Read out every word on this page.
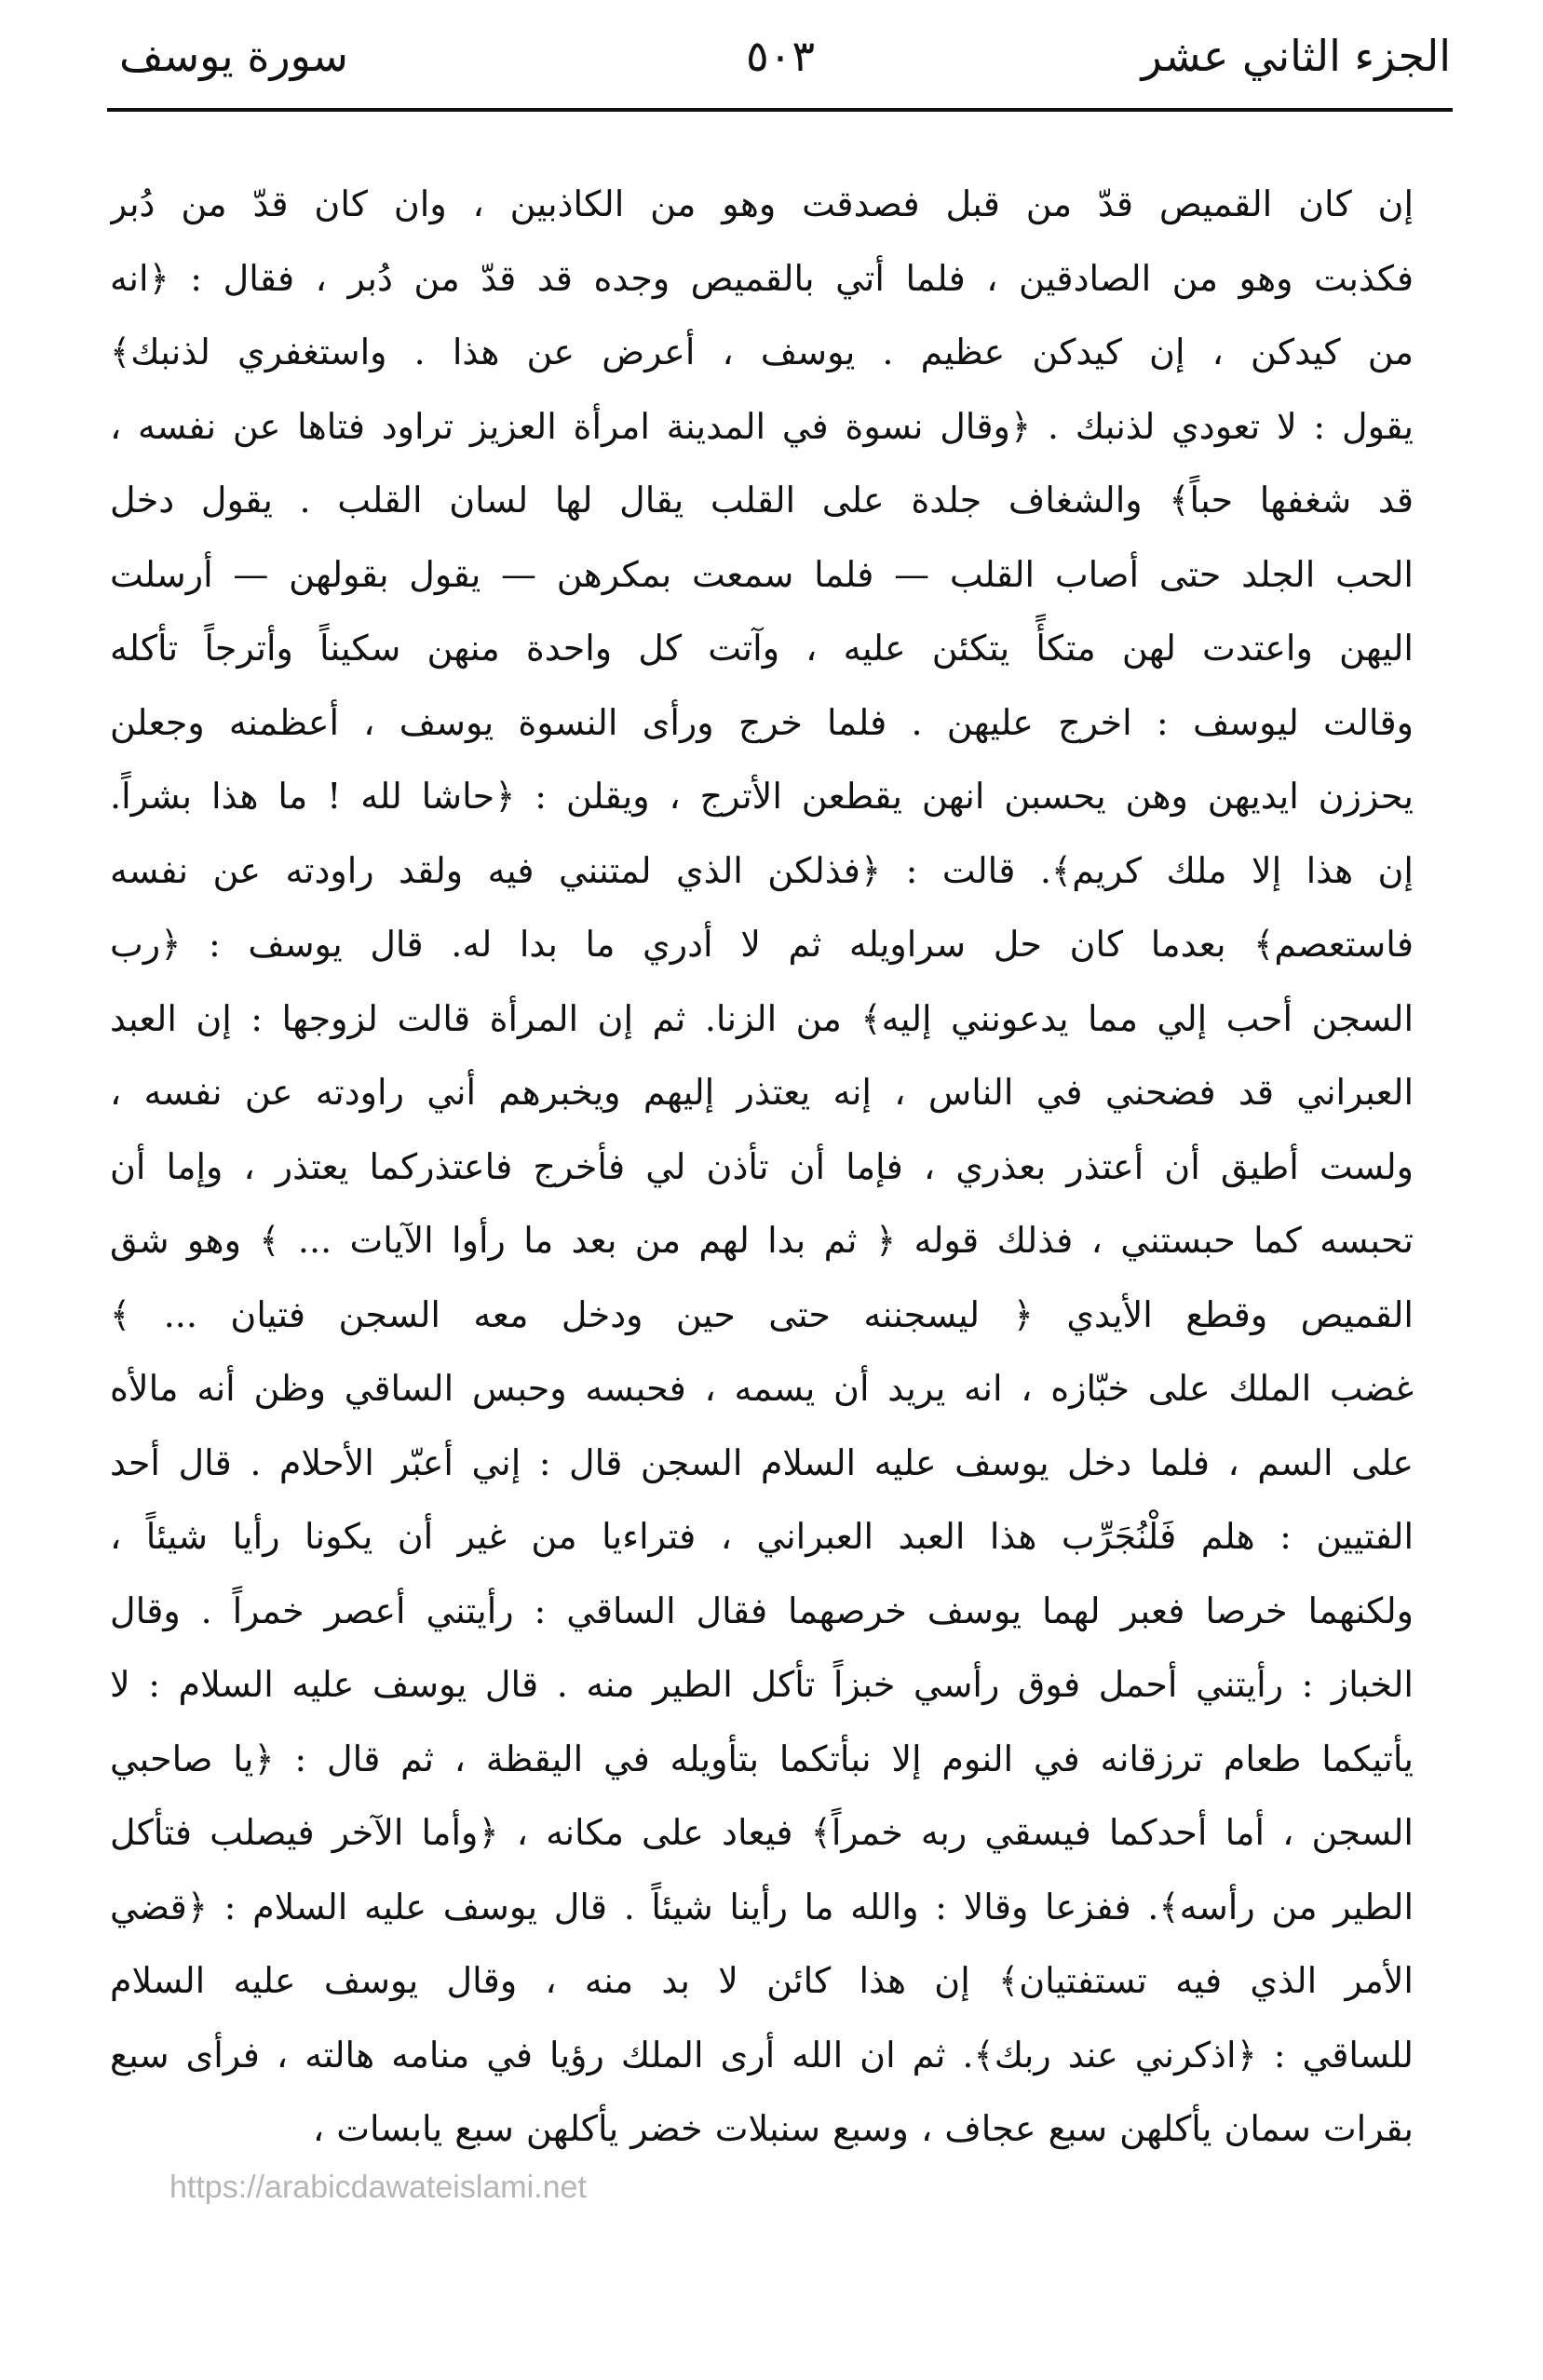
الجزء الثاني عشر
٥٠٣
سورة يوسف
إن كان القميص قدّ من قبل فصدقت وهو من الكاذبين ، وان كان قدّ من دُبر
فكذبت وهو من الصادقين ، فلما أتي بالقميص وجده قد قدّ من دُبر ، فقال : ﴿انه
من كيدكن ، إن كيدكن عظيم . يوسف ، أعرض عن هذا . واستغفري لذنبك﴾
يقول : لا تعودي لذنبك . ﴿وقال نسوة في المدينة امرأة العزيز تراود فتاها عن نفسه ،
قد شغفها حباً﴾ والشغاف جلدة على القلب يقال لها لسان القلب . يقول دخل
الحب الجلد حتى أصاب القلب — فلما سمعت بمكرهن — يقول بقولهن — أرسلت
اليهن واعتدت لهن متكأً يتكئن عليه ، وآتت كل واحدة منهن سكيناً وأترجاً تأكله
وقالت ليوسف : اخرج عليهن . فلما خرج ورأى النسوة يوسف ، أعظمنه وجعلن
يحززن ايديهن وهن يحسبن انهن يقطعن الأترج ، ويقلن : ﴿حاشا لله ! ما هذا بشراً.
إن هذا إلا ملك كريم﴾. قالت : ﴿فذلكن الذي لمتنني فيه ولقد راودته عن نفسه
فاستعصم﴾ بعدما كان حل سراويله ثم لا أدري ما بدا له. قال يوسف : ﴿رب
السجن أحب إلي مما يدعونني إليه﴾ من الزنا. ثم إن المرأة قالت لزوجها : إن العبد
العبراني قد فضحني في الناس ، إنه يعتذر إليهم ويخبرهم أني راودته عن نفسه ،
ولست أطيق أن أعتذر بعذري ، فإما أن تأذن لي فأخرج فاعتذركما يعتذر ، وإما أن
تحبسه كما حبستني ، فذلك قوله ﴿ ثم بدا لهم من بعد ما رأوا الآيات ... ﴾ وهو شق
القميص وقطع الأيدي ﴿ ليسجننه حتى حين ودخل معه السجن فتيان ... ﴾
غضب الملك على خبّازه ، انه يريد أن يسمه ، فحبسه وحبس الساقي وظن أنه مالأه
على السم ، فلما دخل يوسف عليه السلام السجن قال : إني أعبّر الأحلام . قال أحد
الفتيين : هلم فَلْنُجَرِّب هذا العبد العبراني ، فتراءيا من غير أن يكونا رأيا شيئاً ،
ولكنهما خرصا فعبر لهما يوسف خرصهما فقال الساقي : رأيتني أعصر خمراً . وقال
الخباز : رأيتني أحمل فوق رأسي خبزاً تأكل الطير منه . قال يوسف عليه السلام : لا
يأتيكما طعام ترزقانه في النوم إلا نبأتكما بتأويله في اليقظة ، ثم قال : ﴿يا صاحبي
السجن ، أما أحدكما فيسقي ربه خمراً﴾ فيعاد على مكانه ، ﴿وأما الآخر فيصلب فتأكل
الطير من رأسه﴾. ففزعا وقالا : والله ما رأينا شيئاً . قال يوسف عليه السلام : ﴿قضي
الأمر الذي فيه تستفتيان﴾ إن هذا كائن لا بد منه ، وقال يوسف عليه السلام
للساقي : ﴿اذكرني عند ربك﴾. ثم ان الله أرى الملك رؤيا في منامه هالته ، فرأى سبع
بقرات سمان يأكلهن سبع عجاف ، وسبع سنبلات خضر يأكلهن سبع يابسات ،
https://arabicdawateislami.net
